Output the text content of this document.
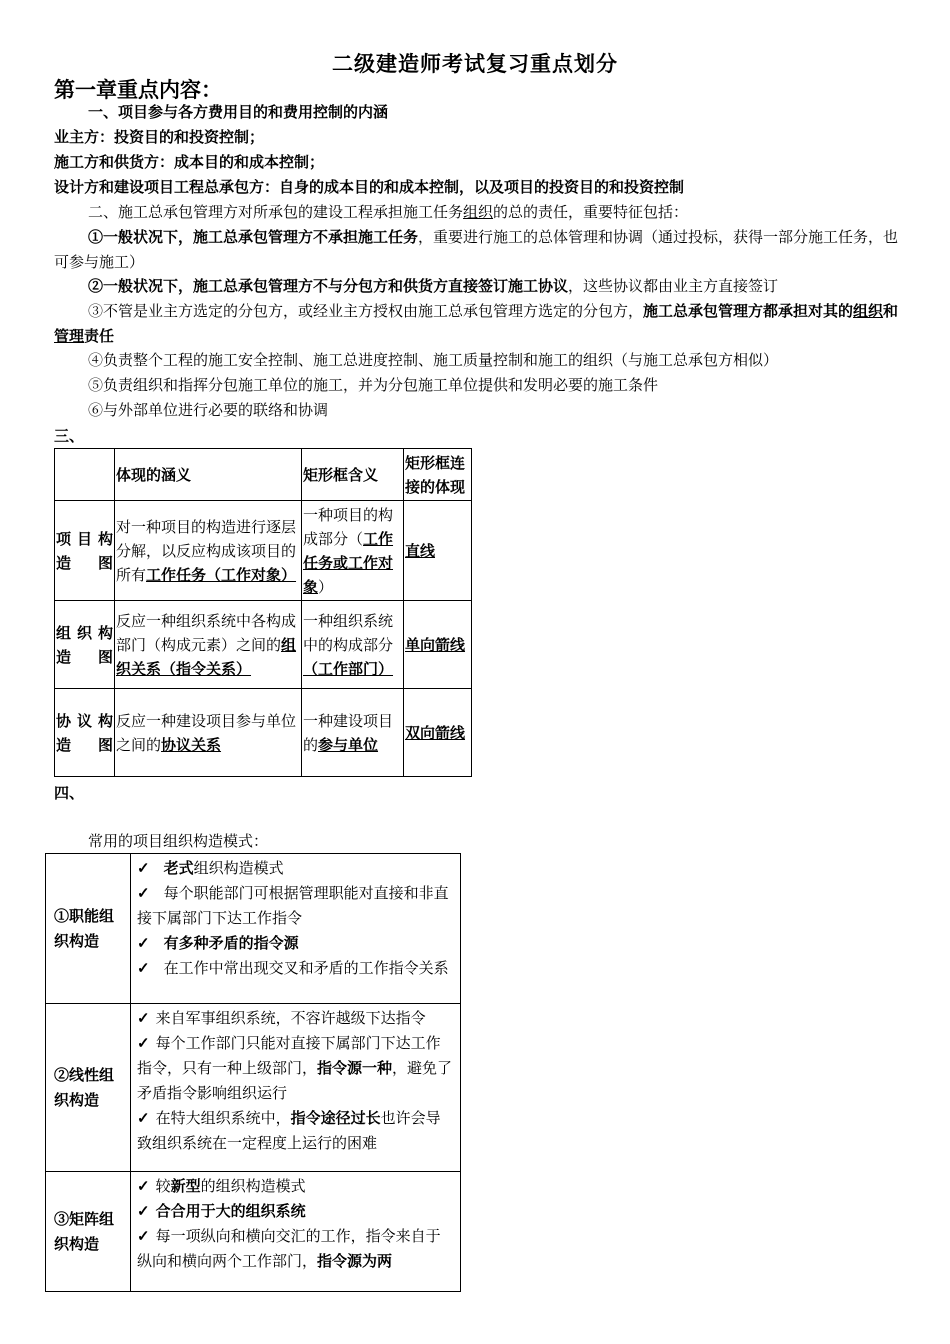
二级建造师考试复习重点划分
第一章重点内容：
一、项目参与各方费用目的和费用控制的内涵
业主方：投资目的和投资控制；
施工方和供货方：成本目的和成本控制；
设计方和建设项目工程总承包方：自身的成本目的和成本控制，以及项目的投资目的和投资控制
二、施工总承包管理方对所承包的建设工程承担施工任务组织的总的责任，重要特征包括：
①一般状况下，施工总承包管理方不承担施工任务，重要进行施工的总体管理和协调（通过投标，获得一部分施工任务，也可参与施工）
②一般状况下，施工总承包管理方不与分包方和供货方直接签订施工协议，这些协议都由业主方直接签订
③不管是业主方选定的分包方，或经业主方授权由施工总承包管理方选定的分包方，施工总承包管理方都承担对其的组织和管理责任
④负责整个工程的施工安全控制、施工总进度控制、施工质量控制和施工的组织（与施工总承包方相似）
⑤负责组织和指挥分包施工单位的施工，并为分包施工单位提供和发明必要的施工条件
⑥与外部单位进行必要的联络和协调
三、
	体现的涵义	矩形框含义	矩形框连接的体现
项目构造图	对一种项目的构造进行逐层分解，以反应构成该项目的所有工作任务（工作对象）	一种项目的构成部分（工作任务或工作对象）	直线
组织构造图	反应一种组织系统中各构成部门（构成元素）之间的组织关系（指令关系）	一种组织系统中的构成部分（工作部门）	单向箭线
协议构造图	反应一种建设项目参与单位之间的协议关系	一种建设项目的参与单位	双向箭线
四、
常用的项目组织构造模式：
①职能组织构造	✓ 老式组织构造模式
✓ 每个职能部门可根据管理职能对直接和非直接下属部门下达工作指令
✓ 有多种矛盾的指令源
✓ 在工作中常出现交叉和矛盾的工作指令关系

②线性组织构造	✓ 来自军事组织系统，不容许越级下达指令
✓ 每个工作部门只能对直接下属部门下达工作指令，只有一种上级部门，指令源一种，避免了矛盾指令影响组织运行
✓ 在特大组织系统中，指令途径过长也许会导致组织系统在一定程度上运行的困难

③矩阵组织构造	✓ 较新型的组织构造模式
✓ 合合用于大的组织系统
✓ 每一项纵向和横向交汇的工作，指令来自于纵向和横向两个工作部门，指令源为两
